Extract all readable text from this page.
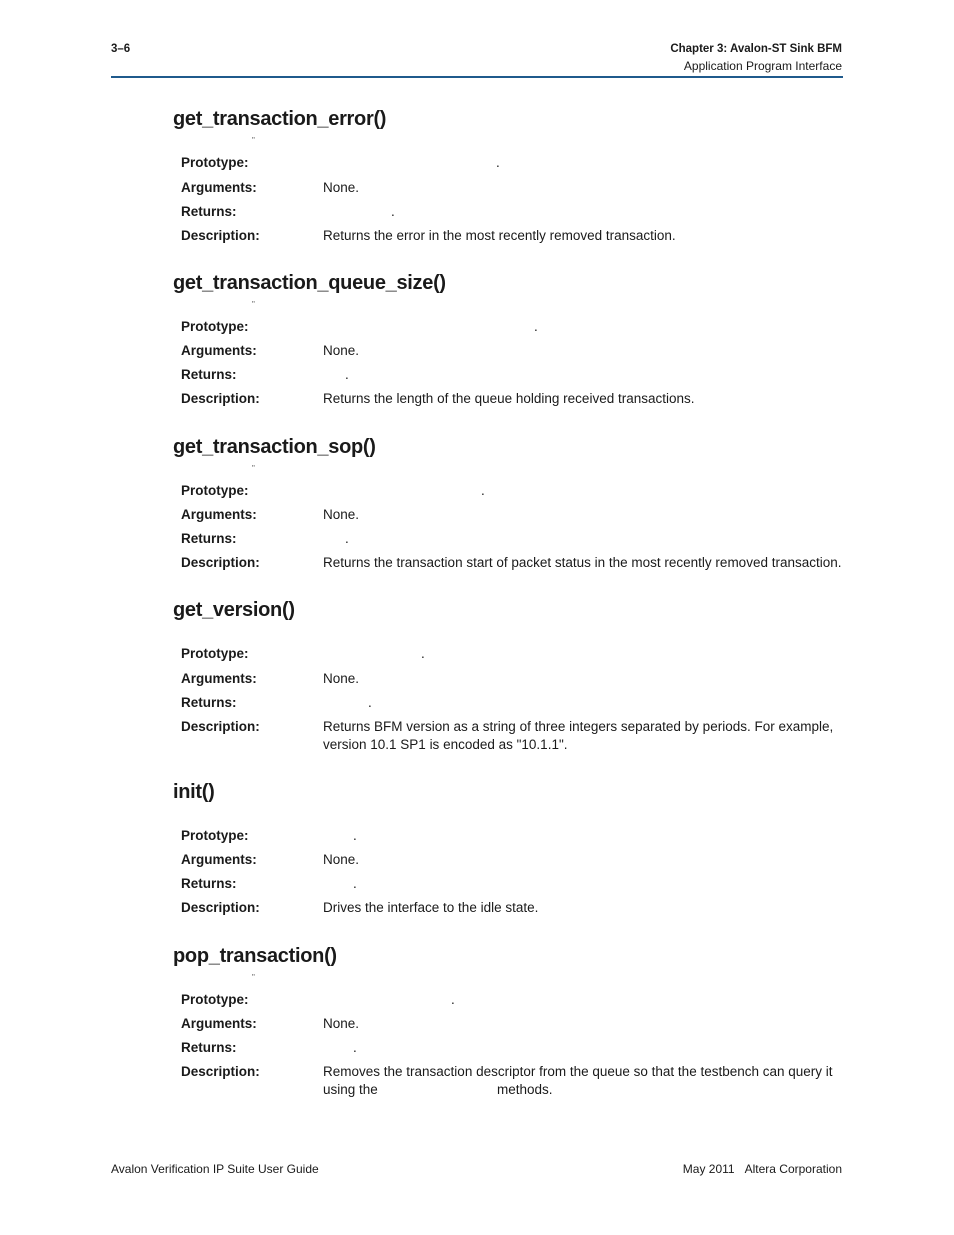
3–6	Chapter 3: Avalon-ST Sink BFM
Application Program Interface
get_transaction_error()
"
Prototype:	.
Arguments:	None.
Returns:	.
Description:	Returns the error in the most recently removed transaction.
get_transaction_queue_size()
"
Prototype:	.
Arguments:	None.
Returns:	.
Description:	Returns the length of the queue holding received transactions.
get_transaction_sop()
"
Prototype:	.
Arguments:	None.
Returns:	.
Description:	Returns the transaction start of packet status in the most recently removed transaction.
get_version()
Prototype:	.
Arguments:	None.
Returns:	.
Description:	Returns BFM version as a string of three integers separated by periods. For example,
version 10.1 SP1 is encoded as "10.1.1".
init()
Prototype:	.
Arguments:	None.
Returns:	.
Description:	Drives the interface to the idle state.
pop_transaction()
"
Prototype:	.
Arguments:	None.
Returns:	.
Description:	Removes the transaction descriptor from the queue so that the testbench can query it
using the	methods.
Avalon Verification IP Suite User Guide	May 2011 Altera Corporation
